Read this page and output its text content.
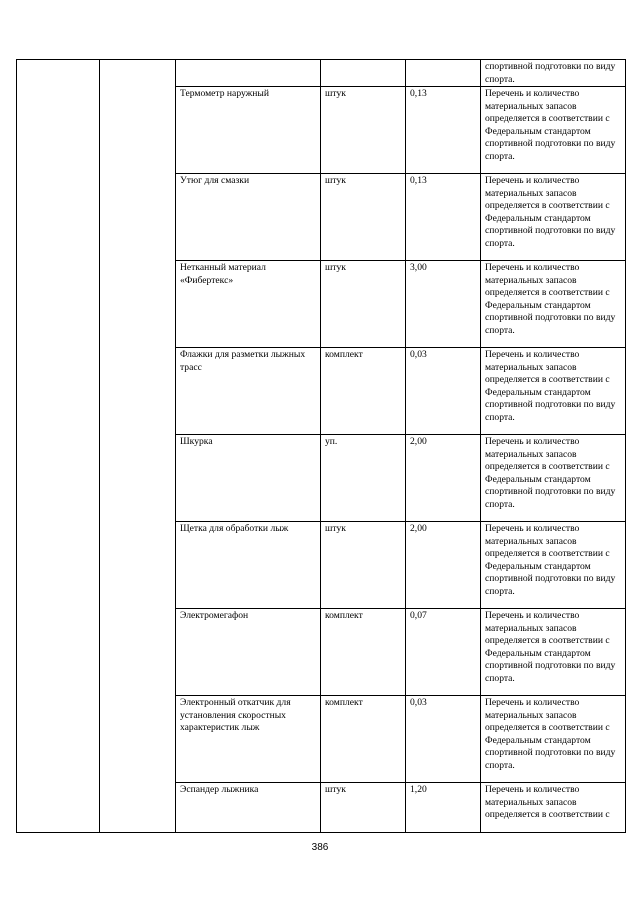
					спортивной подготовки по виду спорта.
		Термометр наружный	штук	0,13	Перечень и количество материальных запасов определяется в соответствии с Федеральным стандартом спортивной подготовки по виду спорта.
		Утюг для смазки	штук	0,13	Перечень и количество материальных запасов определяется в соответствии с Федеральным стандартом спортивной подготовки по виду спорта.
		Нетканный материал «Фибертекс»	штук	3,00	Перечень и количество материальных запасов определяется в соответствии с Федеральным стандартом спортивной подготовки по виду спорта.
		Флажки для разметки лыжных трасс	комплект	0,03	Перечень и количество материальных запасов определяется в соответствии с Федеральным стандартом спортивной подготовки по виду спорта.
		Шкурка	уп.	2,00	Перечень и количество материальных запасов определяется в соответствии с Федеральным стандартом спортивной подготовки по виду спорта.
		Щетка для обработки лыж	штук	2,00	Перечень и количество материальных запасов определяется в соответствии с Федеральным стандартом спортивной подготовки по виду спорта.
		Электромегафон	комплект	0,07	Перечень и количество материальных запасов определяется в соответствии с Федеральным стандартом спортивной подготовки по виду спорта.
		Электронный откатчик для установления скоростных характеристик лыж	комплект	0,03	Перечень и количество материальных запасов определяется в соответствии с Федеральным стандартом спортивной подготовки по виду спорта.
		Эспандер лыжника	штук	1,20	Перечень и количество материальных запасов определяется в соответствии с
386
